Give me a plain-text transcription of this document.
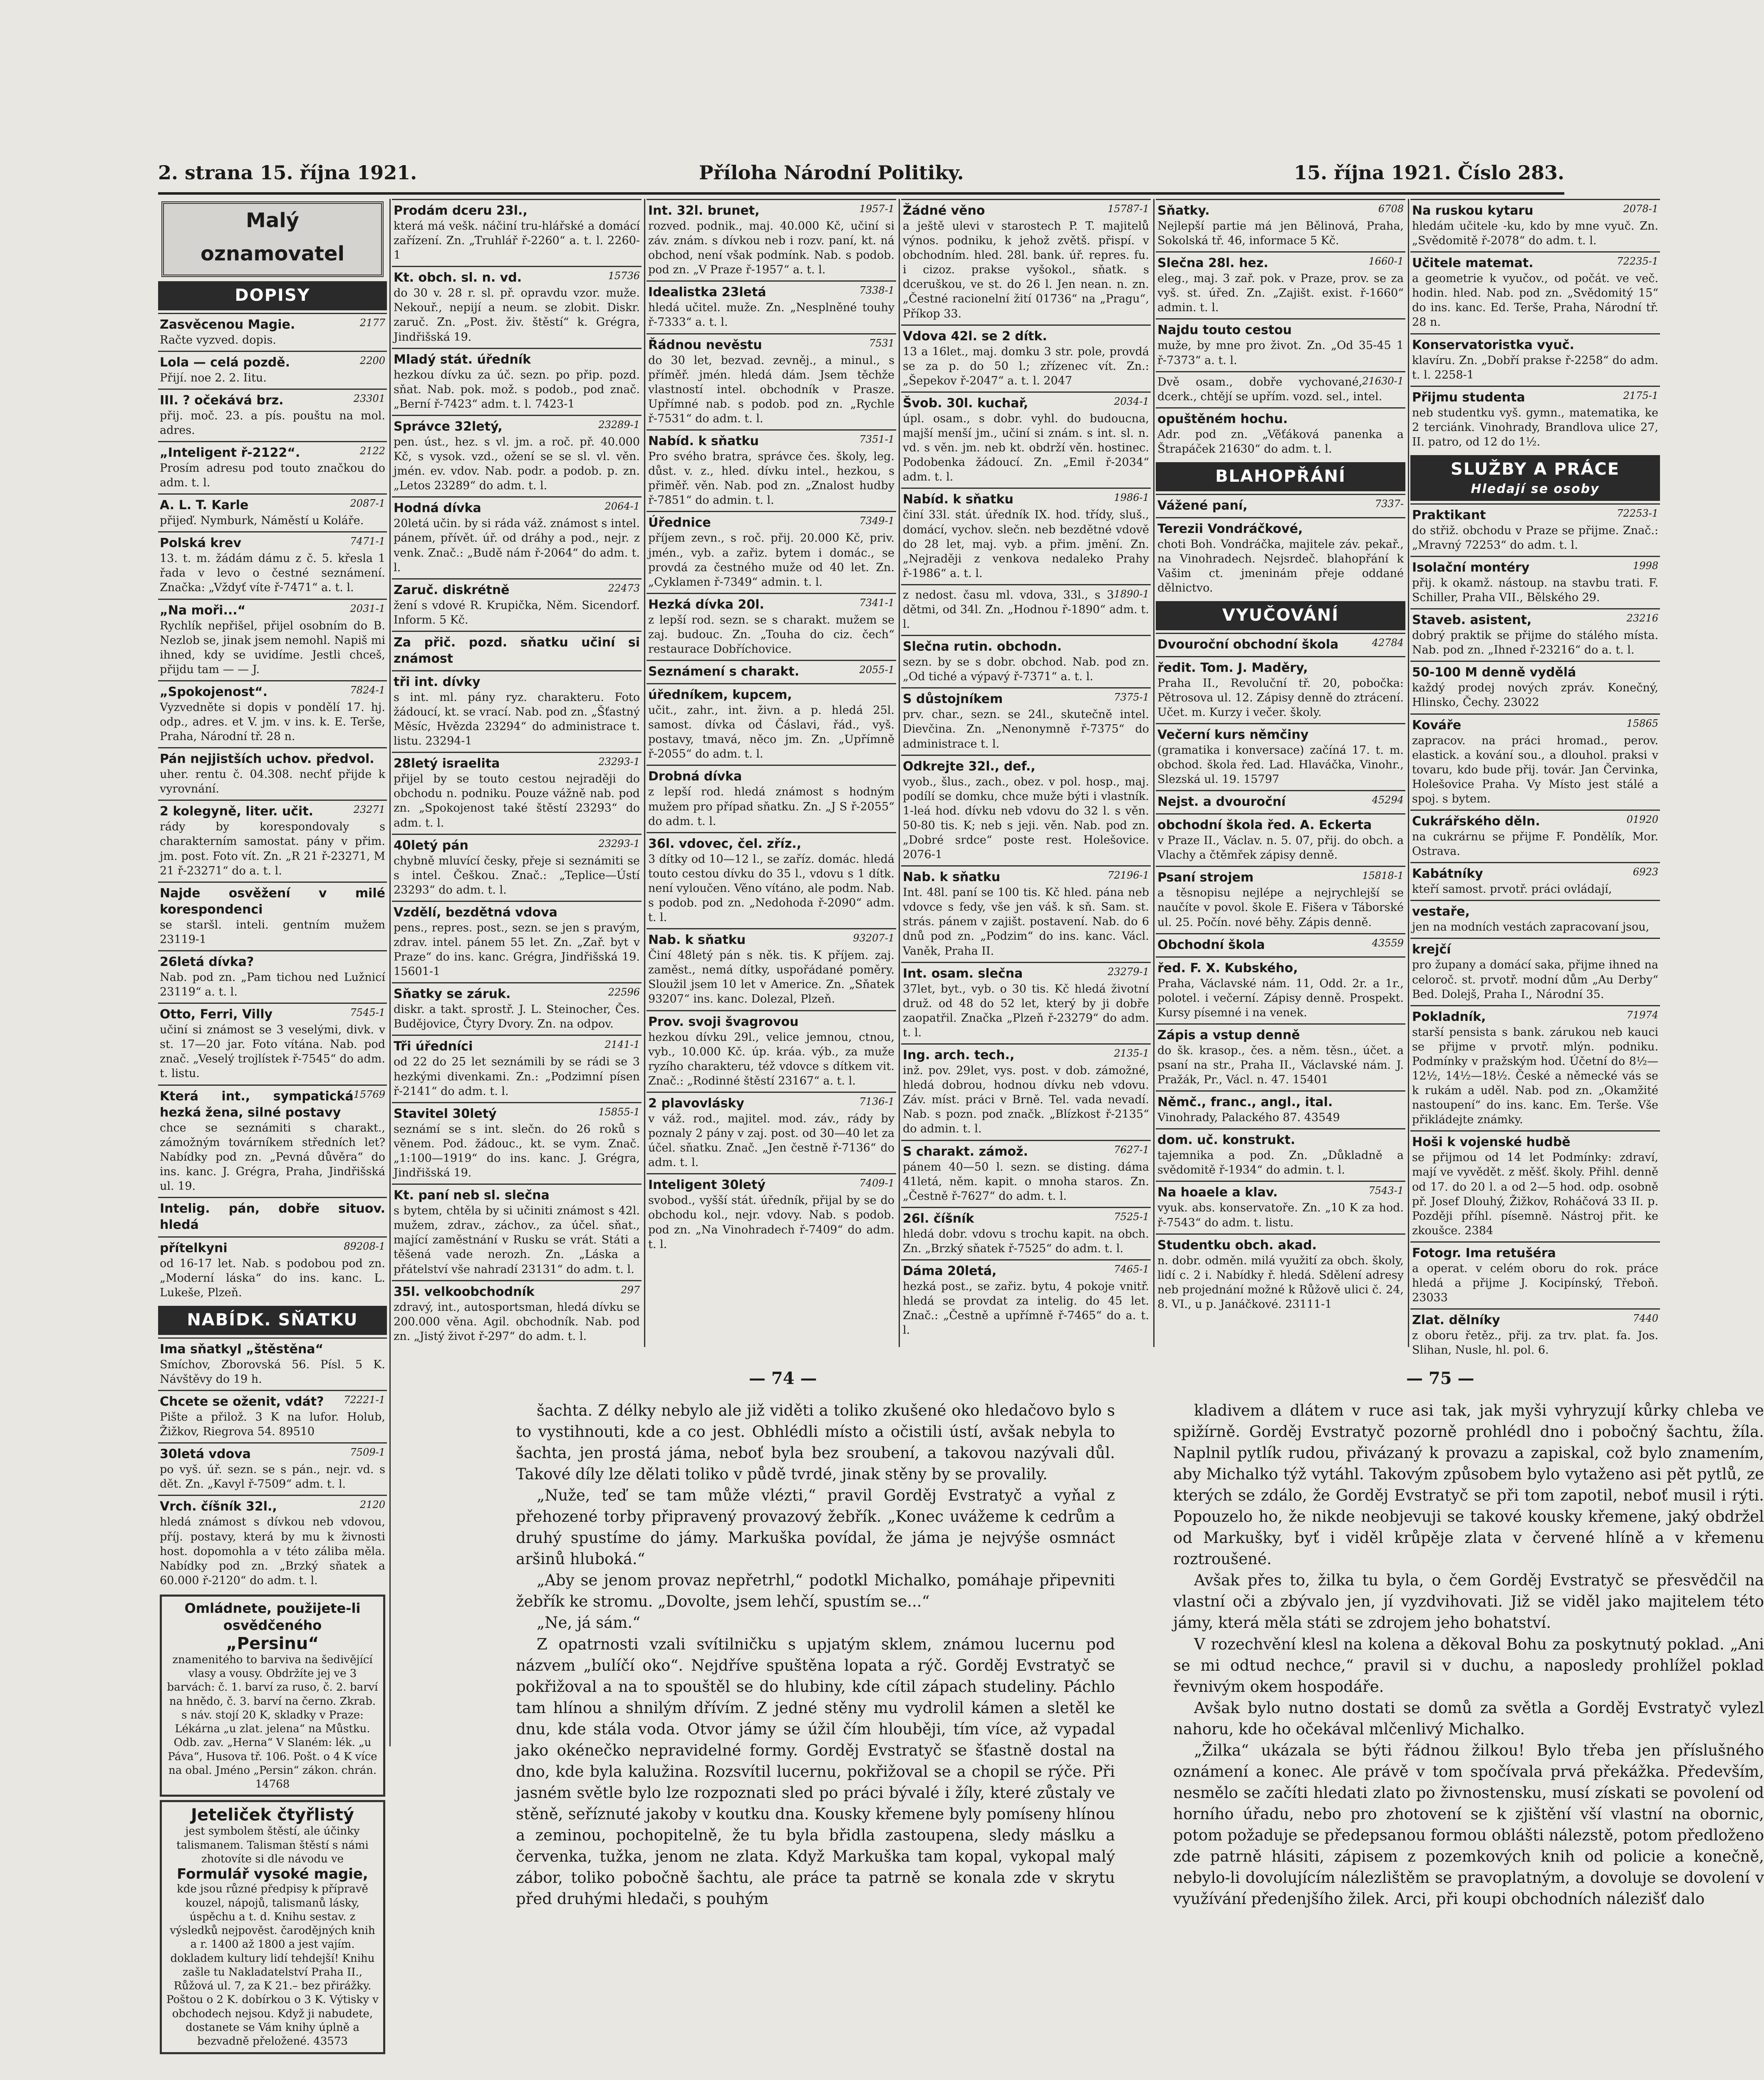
2. strana 15. října 1921.	Příloha Národní Politiky.	15. října 1921. Číslo 283.
Malý
oznamovatel
DOPISY
2177
Zasvěcenou Magie.
Račte vyzved. dopis.
2200
Lola — celá pozdě.
Přijí. noe 2. 2. Iitu.
23301
III. ? očekává brz.
přij. moč. 23. a pís. pouštu na mol. adres.
2122
„Inteligent ř-2122“.
Prosím adresu pod touto značkou do adm. t. l.
2087-1
A. L. T. Karle
přijeď. Nymburk, Náměstí u Koláře.
7471-1
Polská krev
13. t. m. žádám dámu z č. 5. křesla 1 řada v levo o čestné seznámení. Značka: „Vždyť víte ř-7471“ a. t. l.
2031-1
„Na moři...“
Rychlík nepřišel, přijel osobním do B. Nezlob se, jinak jsem nemohl. Napiš mi ihned, kdy se uvidíme. Jestli chceš, přijdu tam — — J.
7824-1
„Spokojenost“.
Vyzvedněte si dopis v pondělí 17. hj. odp., adres. et V. jm. v ins. k. E. Terše, Praha, Národní tř. 28 n.
Pán nejjistších uchov. předvol.
uher. rentu č. 04.308. nechť přijde k vyrovnání.
23271
2 kolegyně, liter. učit.
rády by korespondovaly s charakterním samostat. pány v přim. jm. post. Foto vít. Zn. „R 21 ř-23271, M 21 ř-23271“ do a. t. l.
Najde osvěžení v milé korespondenci
se staršl. inteli. gentním mužem 23119-1
26letá dívka?
Nab. pod zn. „Pam tichou ned Lužnicí 23119“ a. t. l.
7545-1
Otto, Ferri, Villy
učiní si známost se 3 veselými, divk. v st. 17—20 jar. Foto vítána. Nab. pod znač. „Veselý trojlístek ř-7545“ do adm. t. listu.
15769
Která int., sympatická hezká žena, silné postavy
chce se seznámiti s charakt., zámožným továrníkem středních let? Nabídky pod zn. „Pevná důvěra“ do ins. kanc. J. Grégra, Praha, Jindřišská ul. 19.
Intelig. pán, dobře situov. hledá
89208-1
přítelkyni
od 16-17 let. Nab. s podobou pod zn. „Moderní láska“ do ins. kanc. L. Lukeše, Plzeň.
NABÍDK. SŇATKU
Ima sňatkyl „štěstěna“
Smíchov, Zborovská 56. Písl. 5 K. Návštěvy do 19 h.
72221-1
Chcete se oženit, vdát?
Pište a přilož. 3 K na lufor. Holub, Žižkov, Riegrova 54. 89510
7509-1
30letá vdova
po vyš. úř. sezn. se s pán., nejr. vd. s dět. Zn. „Kavyl ř-7509“ adm. t. l.
2120
Vrch. číšník 32l.,
hledá známost s dívkou neb vdovou, příj. postavy, která by mu k živnosti host. dopomohla a v této záliba měla. Nabídky pod zn. „Brzký sňatek a 60.000 ř-2120“ do adm. t. l.
Omládnete, použijete-li osvědčeného
„Persinu“
znamenitého to barviva na šedivějící vlasy a vousy. Obdržíte jej ve 3 barvách: č. 1. barví za ruso, č. 2. barví na hnědo, č. 3. barví na černo. Zkrab. s náv. stojí 20 K, skladky v Praze: Lékárna „u zlat. jelena“ na Můstku. Odb. zav. „Herna“ V Slaném: lék. „u Páva“, Husova tř. 106. Pošt. o 4 K více na obal. Jméno „Persin“ zákon. chrán. 14768
Jeteliček čtyřlistý
jest symbolem štěstí, ale účinky talismanem. Talisman štěstí s námi zhotovíte si dle návodu ve
Formulář vysoké magie,
kde jsou různé předpisy k přípravě kouzel, nápojů, talismanů lásky, úspěchu a t. d. Knihu sestav. z výsledků nejpověst. čarodějných knih a r. 1400 až 1800 a jest vajím. dokladem kultury lidí tehdejší! Knihu zašle tu Nakladatelství Praha II., Růžová ul. 7, za K 21.– bez přirážky. Poštou o 2 K. dobírkou o 3 K. Výtisky v obchodech nejsou. Když ji nabudete, dostanete se Vám knihy úplně a bezvadně přeložené. 43573
Prodám dceru 23l.,
která má vešk. náčiní tru-hlářské a domácí zařízení. Zn. „Truhlář ř-2260“ a. t. l. 2260-1
15736
Kt. obch. sl. n. vd.
do 30 v. 28 r. sl. př. opravdu vzor. muže. Nekouř., nepijí a neum. se zlobit. Diskr. zaruč. Zn. „Post. živ. štěstí“ k. Grégra, Jindřišská 19.
Mladý stát. úředník
hezkou dívku za úč. sezn. po přip. pozd. sňat. Nab. pok. mož. s podob., pod znač. „Berní ř-7423“ adm. t. l. 7423-1
23289-1
Správce 32letý,
pen. úst., hez. s vl. jm. a roč. př. 40.000 Kč, s vysok. vzd., ožení se se sl. vl. věn. jmén. ev. vdov. Nab. podr. a podob. p. zn. „Letos 23289“ do adm. t. l.
2064-1
Hodná dívka
20letá učin. by si ráda váž. známost s intel. pánem, přívět. úř. od dráhy a pod., nejr. z venk. Znač.: „Budě nám ř-2064“ do adm. t. l.
22473
Zaruč. diskrétně
žení s vdové R. Krupička, Něm. Sicendorf. Inform. 5 Kč.
Za přič. pozd. sňatku učiní si známost
tři int. dívky
s int. ml. pány ryz. charakteru. Foto žádoucí, kt. se vrací. Nab. pod zn. „Šťastný Měsíc, Hvězda 23294“ do administrace t. listu. 23294-1
23293-1
28letý israelita
přijel by se touto cestou nejraději do obchodu n. podniku. Pouze vážně nab. pod zn. „Spokojenost také štěstí 23293“ do adm. t. l.
23293-1
40letý pán
chybně mluvící česky, přeje si seznámiti se s intel. Češkou. Znač.: „Teplice—Ústí 23293“ do adm. t. l.
Vzdělí, bezdětná vdova
pens., repres. post., sezn. se jen s pravým, zdrav. intel. pánem 55 let. Zn. „Zař. byt v Praze“ do ins. kanc. Grégra, Jindřišská 19. 15601-1
22596
Sňatky se záruk.
diskr. a takt. sprostř. J. L. Steinocher, Čes. Budějovice, Čtyry Dvory. Zn. na odpov.
2141-1
Tři úředníci
od 22 do 25 let seznámili by se rádi se 3 hezkými divenkami. Zn.: „Podzimní písen ř-2141“ do adm. t. l.
15855-1
Stavitel 30letý
seznámí se s int. slečn. do 26 roků s věnem. Pod. žádouc., kt. se vym. Znač. „1:100—1919“ do ins. kanc. J. Grégra, Jindřišská 19.
Kt. paní neb sl. slečna
s bytem, chtěla by si učiniti známost s 42l. mužem, zdrav., záchov., za účel. sňat., mající zaměstnání v Rusku se vrát. Státi a těšená vade nerozh. Zn. „Láska a přátelství vše nahradí 23131“ do adm. t. l.
297
35l. velkoobchodník
zdravý, int., autosportsman, hledá dívku se 200.000 věna. Agil. obchodník. Nab. pod zn. „Jistý život ř-297“ do adm. t. l.
1957-1
Int. 32l. brunet,
rozved. podnik., maj. 40.000 Kč, učiní si záv. znám. s dívkou neb i rozv. paní, kt. ná obchod, není však podmínk. Nab. s podob. pod zn. „V Praze ř-1957“ a. t. l.
7338-1
Idealistka 23letá
hledá učitel. muže. Zn. „Nesplněné touhy ř-7333“ a. t. l.
7531
Řádnou nevěstu
do 30 let, bezvad. zevněj., a minul., s příměř. jmén. hledá dám. Jsem těchže vlastností intel. obchodník v Prasze. Upřímné nab. s podob. pod zn. „Rychle ř-7531“ do adm. t. l.
7351-1
Nabíd. k sňatku
Pro svého bratra, správce čes. školy, leg. důst. v. z., hled. dívku intel., hezkou, s přiměř. věn. Nab. pod zn. „Znalost hudby ř-7851“ do admin. t. l.
7349-1
Úřednice
příjem zevn., s roč. přij. 20.000 Kč, priv. jmén., vyb. a zařiz. bytem i domác., se provdá za čestného muže od 40 let. Zn. „Cyklamen ř-7349“ admin. t. l.
7341-1
Hezká dívka 20l.
z lepší rod. sezn. se s charakt. mužem se zaj. budouc. Zn. „Touha do ciz. čech“ restaurace Dobříchovice.
2055-1
Seznámení s charakt.
úředníkem, kupcem,
učit., zahr., int. živn. a p. hledá 25l. samost. dívka od Čáslavi, řád., vyš. postavy, tmavá, něco jm. Zn. „Upřímně ř-2055“ do adm. t. l.
Drobná dívka
z lepší rod. hledá známost s hodným mužem pro případ sňatku. Zn. „J S ř-2055“ do adm. t. l.
36l. vdovec, čel. zříz.,
3 dítky od 10—12 l., se zaříz. domác. hledá touto cestou dívku do 35 l., vdovu s 1 dítk. není vyloučen. Věno vítáno, ale podm. Nab. s podob. pod zn. „Nedohoda ř-2090“ adm. t. l.
93207-1
Nab. k sňatku
Činí 48letý pán s něk. tis. K příjem. zaj. zaměst., nemá dítky, uspořádané poměry. Sloužil jsem 10 let v Americe. Zn. „Sňatek 93207“ ins. kanc. Dolezal, Plzeň.
Prov. svoji švagrovou
hezkou dívku 29l., velice jemnou, ctnou, vyb., 10.000 Kč. úp. kráa. výb., za muže ryzího charakteru, též vdovce s dítkem vit. Znač.: „Rodinné štěstí 23167“ a. t. l.
7136-1
2 plavovlásky
v váž. rod., majitel. mod. záv., rády by poznaly 2 pány v zaj. post. od 30—40 let za účel. sňatku. Znač. „Jen čestně ř-7136“ do adm. t. l.
7409-1
Inteligent 30letý
svobod., vyšší stát. úředník, přijal by se do obchodu kol., nejr. vdovy. Nab. s podob. pod zn. „Na Vinohradech ř-7409“ do adm. t. l.
15787-1
Žádné věno
a ještě ulevi v starostech P. T. majitelů výnos. podniku, k jehož zvětš. přispí. v obchodním. hled. 28l. bank. úř. repres. fu. i cizoz. prakse vyšokol., sňatk. s dceruškou, ve st. do 26 l. Jen nean. n. zn. „Čestné racionelní žití 01736“ na „Pragu“, Příkop 33.
Vdova 42l. se 2 dítk.
13 a 16let., maj. domku 3 str. pole, provdá se za p. do 50 l.; zřízenec vít. Zn.: „Šepekov ř-2047“ a. t. l. 2047
2034-1
Švob. 30l. kuchař,
úpl. osam., s dobr. vyhl. do budoucna, majší menší jm., učiní si znám. s int. sl. n. vd. s věn. jm. neb kt. obdrží věn. hostinec. Podobenka žádoucí. Zn. „Emil ř-2034“ adm. t. l.
1986-1
Nabíd. k sňatku
činí 33l. stát. úředník IX. hod. třídy, sluš., domácí, vychov. slečn. neb bezdětné vdově do 28 let, maj. vyb. a přim. jmění. Zn. „Nejraději z venkova nedaleko Prahy ř-1986“ a. t. l.
1890-1
z nedost. času ml. vdova, 33l., s 3 dětmi, od 34l. Zn. „Hodnou ř-1890“ adm. t. l.
Slečna rutin. obchodn.
sezn. by se s dobr. obchod. Nab. pod zn. „Od tiché a výpavý ř-7371“ a. t. l.
7375-1
S důstojníkem
prv. char., sezn. se 24l., skutečně intel. Dievčina. Zn. „Nenonymně ř-7375“ do administrace t. l.
Odkrejte 32l., def.,
vyob., šlus., zach., obez. v pol. hosp., maj. podílí se domku, chce muže býti i vlastník. 1-leá hod. dívku neb vdovu do 32 l. s věn. 50-80 tis. K; neb s jeji. věn. Nab. pod zn. „Dobré srdce“ poste rest. Holešovice. 2076-1
72196-1
Nab. k sňatku
Int. 48l. paní se 100 tis. Kč hled. pána neb vdovce s fedy, vše jen váš. k sň. Sam. st. strás. pánem v zajišt. postavení. Nab. do 6 dnů pod zn. „Podzim“ do ins. kanc. Václ. Vaněk, Praha II.
23279-1
Int. osam. slečna
37let, byt., vyb. o 30 tis. Kč hledá životní druž. od 48 do 52 let, který by ji dobře zaopatřil. Značka „Plzeň ř-23279“ do adm. t. l.
2135-1
Ing. arch. tech.,
inž. pov. 29let, vys. post. v dob. zámožné, hledá dobrou, hodnou dívku neb vdovu. Záv. míst. práci v Brně. Tel. vada nevadí. Nab. s pozn. pod značk. „Blízkost ř-2135“ do admin. t. l.
7627-1
S charakt. zámož.
pánem 40—50 l. sezn. se disting. dáma 41letá, něm. kapit. o mnoha staros. Zn. „Čestně ř-7627“ do adm. t. l.
7525-1
26l. číšník
hledá dobr. vdovu s trochu kapit. na obch. Zn. „Brzký sňatek ř-7525“ do adm. t. l.
7465-1
Dáma 20letá,
hezká post., se zařiz. bytu, 4 pokoje vnitř. hledá se provdat za intelig. do 45 let. Znač.: „Čestně a upřímně ř-7465“ do a. t. l.
6708
Sňatky.
Nejlepší partie má jen Bělinová, Praha, Sokolská tř. 46, informace 5 Kč.
1660-1
Slečna 28l. hez.
eleg., maj. 3 zař. pok. v Praze, prov. se za vyš. st. úřed. Zn. „Zajišt. exist. ř-1660“ admin. t. l.
Najdu touto cestou
muže, by mne pro život. Zn. „Od 35-45 1 ř-7373“ a. t. l.
21630-1
Dvě osam., dobře vychované, dcerk., chtějí se upřím. vozd. sel., intel.
opuštěném hochu.
Adr. pod zn. „Věťáková panenka a Štrapáček 21630“ do adm. t. l.
BLAHOPŘÁNÍ
7337-
Vážené paní,
Terezii Vondráčkové,
choti Boh. Vondráčka, majitele záv. pekař., na Vinohradech. Nejsrdeč. blahopřání k Vašim ct. jmeninám přeje oddané dělnictvo.
VYUČOVÁNÍ
42784
Dvouroční obchodní škola
ředit. Tom. J. Maděry,
Praha II., Revoluční tř. 20, pobočka: Pětrosova ul. 12. Zápisy denně do ztrácení. Učet. m. Kurzy i večer. školy.
Večerní kurs němčiny
(gramatika i konversace) začíná 17. t. m. obchod. škola řed. Lad. Hlaváčka, Vinohr., Slezská ul. 19. 15797
45294
Nejst. a dvouroční
obchodní škola řed. A. Eckerta
v Praze II., Václav. n. 5. 07, přij. do obch. a Vlachy a čtěmřek zápisy denně.
15818-1
Psaní strojem
a těsnopisu nejlépe a nejrychlejší se naučíte v povol. škole E. Fišera v Táborské ul. 25. Počín. nové běhy. Zápis denně.
43559
Obchodní škola
řed. F. X. Kubského,
Praha, Václavské nám. 11, Odd. 2r. a 1r., polotel. i večerní. Zápisy denně. Prospekt. Kursy písemné i na venek.
Zápis a vstup denně
do šk. krasop., čes. a něm. těsn., účet. a psaní na str., Praha II., Václavské nám. J. Pražák, Pr., Václ. n. 47. 15401
Němč., franc., angl., ital.
Vinohrady, Palackého 87. 43549
dom. uč. konstrukt.
tajemnika a pod. Zn. „Důkladně a svědomitě ř-1934“ do admin. t. l.
7543-1
Na hoaele a klav.
vyuk. abs. konservatoře. Zn. „10 K za hod. ř-7543“ do adm. t. listu.
Studentku obch. akad.
n. dobr. odměn. milá využití za obch. školy, lidí c. 2 i. Nabídky ř. hledá. Sdělení adresy neb projednání možné k Růžově ulici č. 24, 8. VI., u p. Janáčkové. 23111-1
2078-1
Na ruskou kytaru
hledám učitele -ku, kdo by mne vyuč. Zn. „Svědomitě ř-2078“ do adm. t. l.
72235-1
Učitele matemat.
a geometrie k vyučov., od počát. ve več. hodin. hled. Nab. pod zn. „Svědomitý 15“ do ins. kanc. Ed. Terše, Praha, Národní tř. 28 n.
Konservatoristka vyuč.
klavíru. Zn. „Dobří prakse ř-2258“ do adm. t. l. 2258-1
2175-1
Přijmu studenta
neb studentku vyš. gymn., matematika, ke 2 terciánk. Vinohrady, Brandlova ulice 27, II. patro, od 12 do 1½.
SLUŽBY A PRÁCE
Hledají se osoby
72253-1
Praktikant
do střiž. obchodu v Praze se přijme. Znač.: „Mravný 72253“ do adm. t. l.
1998
Isolační montéry
přij. k okamž. nástoup. na stavbu trati. F. Schiller, Praha VII., Bělského 29.
23216
Staveb. asistent,
dobrý praktik se přijme do stálého místa. Nab. pod zn. „Ihned ř-23216“ do a. t. l.
50-100 M denně vydělá
každý prodej nových zpráv. Konečný, Hlinsko, Čechy. 23022
15865
Kováře
zapracov. na práci hromad., perov. elastick. a kování sou., a dlouhol. praksi v tovaru, kdo bude přij. továr. Jan Červinka, Holešovice Praha. Vy Místo jest stálé a spoj. s bytem.
01920
Cukrářského děln.
na cukrárnu se přijme F. Pondělík, Mor. Ostrava.
6923
Kabátníky
kteří samost. prvotř. práci ovládají,
vestaře,
jen na modních vestách zapracovaní jsou,
krejčí
pro župany a domácí saka, přijme ihned na celoroč. st. prvotř. modní dům „Au Derby“ Bed. Dolejš, Praha I., Národní 35.
71974
Pokladník,
starší pensista s bank. zárukou neb kauci se přijme v prvotř. mlýn. podniku. Podmínky v pražským hod. Účetní do 8½—12½, 14½—18½. České a německé vás se k rukám a uděl. Nab. pod zn. „Okamžité nastoupení“ do ins. kanc. Em. Terše. Vše přikládejte známky.
Hoši k vojenské hudbě
se přijmou od 14 let Podmínky: zdraví, mají ve vyvědět. z měšť. školy. Přihl. denně od 17. do 20 l. a od 2—5 hod. odp. osobně př. Josef Dlouhý, Žižkov, Roháčová 33 II. p. Později příhl. písemně. Nástroj přit. ke zkoušce. 2384
Fotogr. Ima retušéra
a operat. v celém oboru do rok. práce hledá a přijme J. Kocipínský, Třeboň. 23033
7440
Zlat. dělníky
z oboru řetěz., přij. za trv. plat. fa. Jos. Slihan, Nusle, hl. pol. 6.
— 74 —	— 75 —

šachta. Z délky nebylo ale již viděti a toliko zkušené oko hledačovo bylo s to vystihnouti, kde a co jest. Obhlédli místo a očistili ústí, avšak nebyla to šachta, jen prostá jáma, neboť byla bez sroubení, a takovou nazývali důl. Takové díly lze dělati toliko v půdě tvrdé, jinak stěny by se provalily.

„Nuže, teď se tam může vlézti,“ pravil Gorděj Evstratyč a vyňal z přehozené torby připravený provazový žebřík. „Konec uvážeme k cedrům a druhý spustíme do jámy. Markuška povídal, že jáma je nejvýše osmnáct aršinů hluboká.“

„Aby se jenom provaz nepřetrhl,“ podotkl Michalko, pomáhaje připevniti žebřík ke stromu. „Dovolte, jsem lehčí, spustím se...“

„Ne, já sám.“

Z opatrnosti vzali svítilničku s upjatým sklem, známou lucernu pod názvem „bulíčí oko“. Nejdříve spuštěna lopata a rýč. Gorděj Evstratyč se pokřižoval a na to spouštěl se do hlubiny, kde cítil zápach studeliny. Páchlo tam hlínou a shnilým dřívím. Z jedné stěny mu vydrolil kámen a sletěl ke dnu, kde stála voda. Otvor jámy se úžil čím hlouběji, tím více, až vypadal jako okénečko nepravidelné formy. Gorděj Evstratyč se šťastně dostal na dno, kde byla kalužina. Rozsvítil lucernu, pokřižoval se a chopil se rýče. Při jasném světle bylo lze rozpoznati sled po práci bývalé i žíly, které zůstaly ve stěně, seříznuté jakoby v koutku dna. Kousky křemene byly pomíseny hlínou a zeminou, pochopitelně, že tu byla břidla zastoupena, sledy máslku a červenka, tužka, jenom ne zlata. Když Markuška tam kopal, vykopal malý zábor, toliko pobočně šachtu, ale práce ta patrně se konala zde v skrytu před druhými hledači, s pouhým

kladivem a dlátem v ruce asi tak, jak myši vyhryzují kůrky chleba ve spižírně. Gorděj Evstratyč pozorně prohlédl dno i pobočný šachtu, žíla. Naplnil pytlík rudou, přivázaný k provazu a zapiskal, což bylo znamením, aby Michalko týž vytáhl. Takovým způsobem bylo vytaženo asi pět pytlů, ze kterých se zdálo, že Gorděj Evstratyč se při tom zapotil, neboť musil i rýti. Popouzelo ho, že nikde neobjevuji se takové kousky křemene, jaký obdržel od Markušky, byť i viděl krůpěje zlata v červené hlíně a v křemenu roztroušené.

Avšak přes to, žilka tu byla, o čem Gorděj Evstratyč se přesvědčil na vlastní oči a zbývalo jen, jí vyzdvihovati. Již se viděl jako majitelem této jámy, která měla státi se zdrojem jeho bohatství.

V rozechvění klesl na kolena a děkoval Bohu za poskytnutý poklad. „Ani se mi odtud nechce,“ pravil si v duchu, a naposledy prohlížel poklad řevnivým okem hospodáře.

Avšak bylo nutno dostati se domů za světla a Gorděj Evstratyč vylezl nahoru, kde ho očekával mlčenlivý Michalko.

„Žilka“ ukázala se býti řádnou žilkou! Bylo třeba jen příslušného oznámení a konec. Ale právě v tom spočívala prvá překážka. Především, nesmělo se začíti hledati zlato po živnostensku, musí získati se povolení od horního úřadu, nebo pro zhotovení se k zjištění vší vlastní na obornic, potom požaduje se předepsanou formou oblášti nálezstě, potom předloženo zde patrně hlásiti, zápisem z pozemkových knih od policie a konečně, nebylo-li dovolujícím nálezlištěm se pravoplatným, a dovoluje se dovolení v využívání předenjšího žilek. Arci, při koupi obchodních nálezišť dalo
